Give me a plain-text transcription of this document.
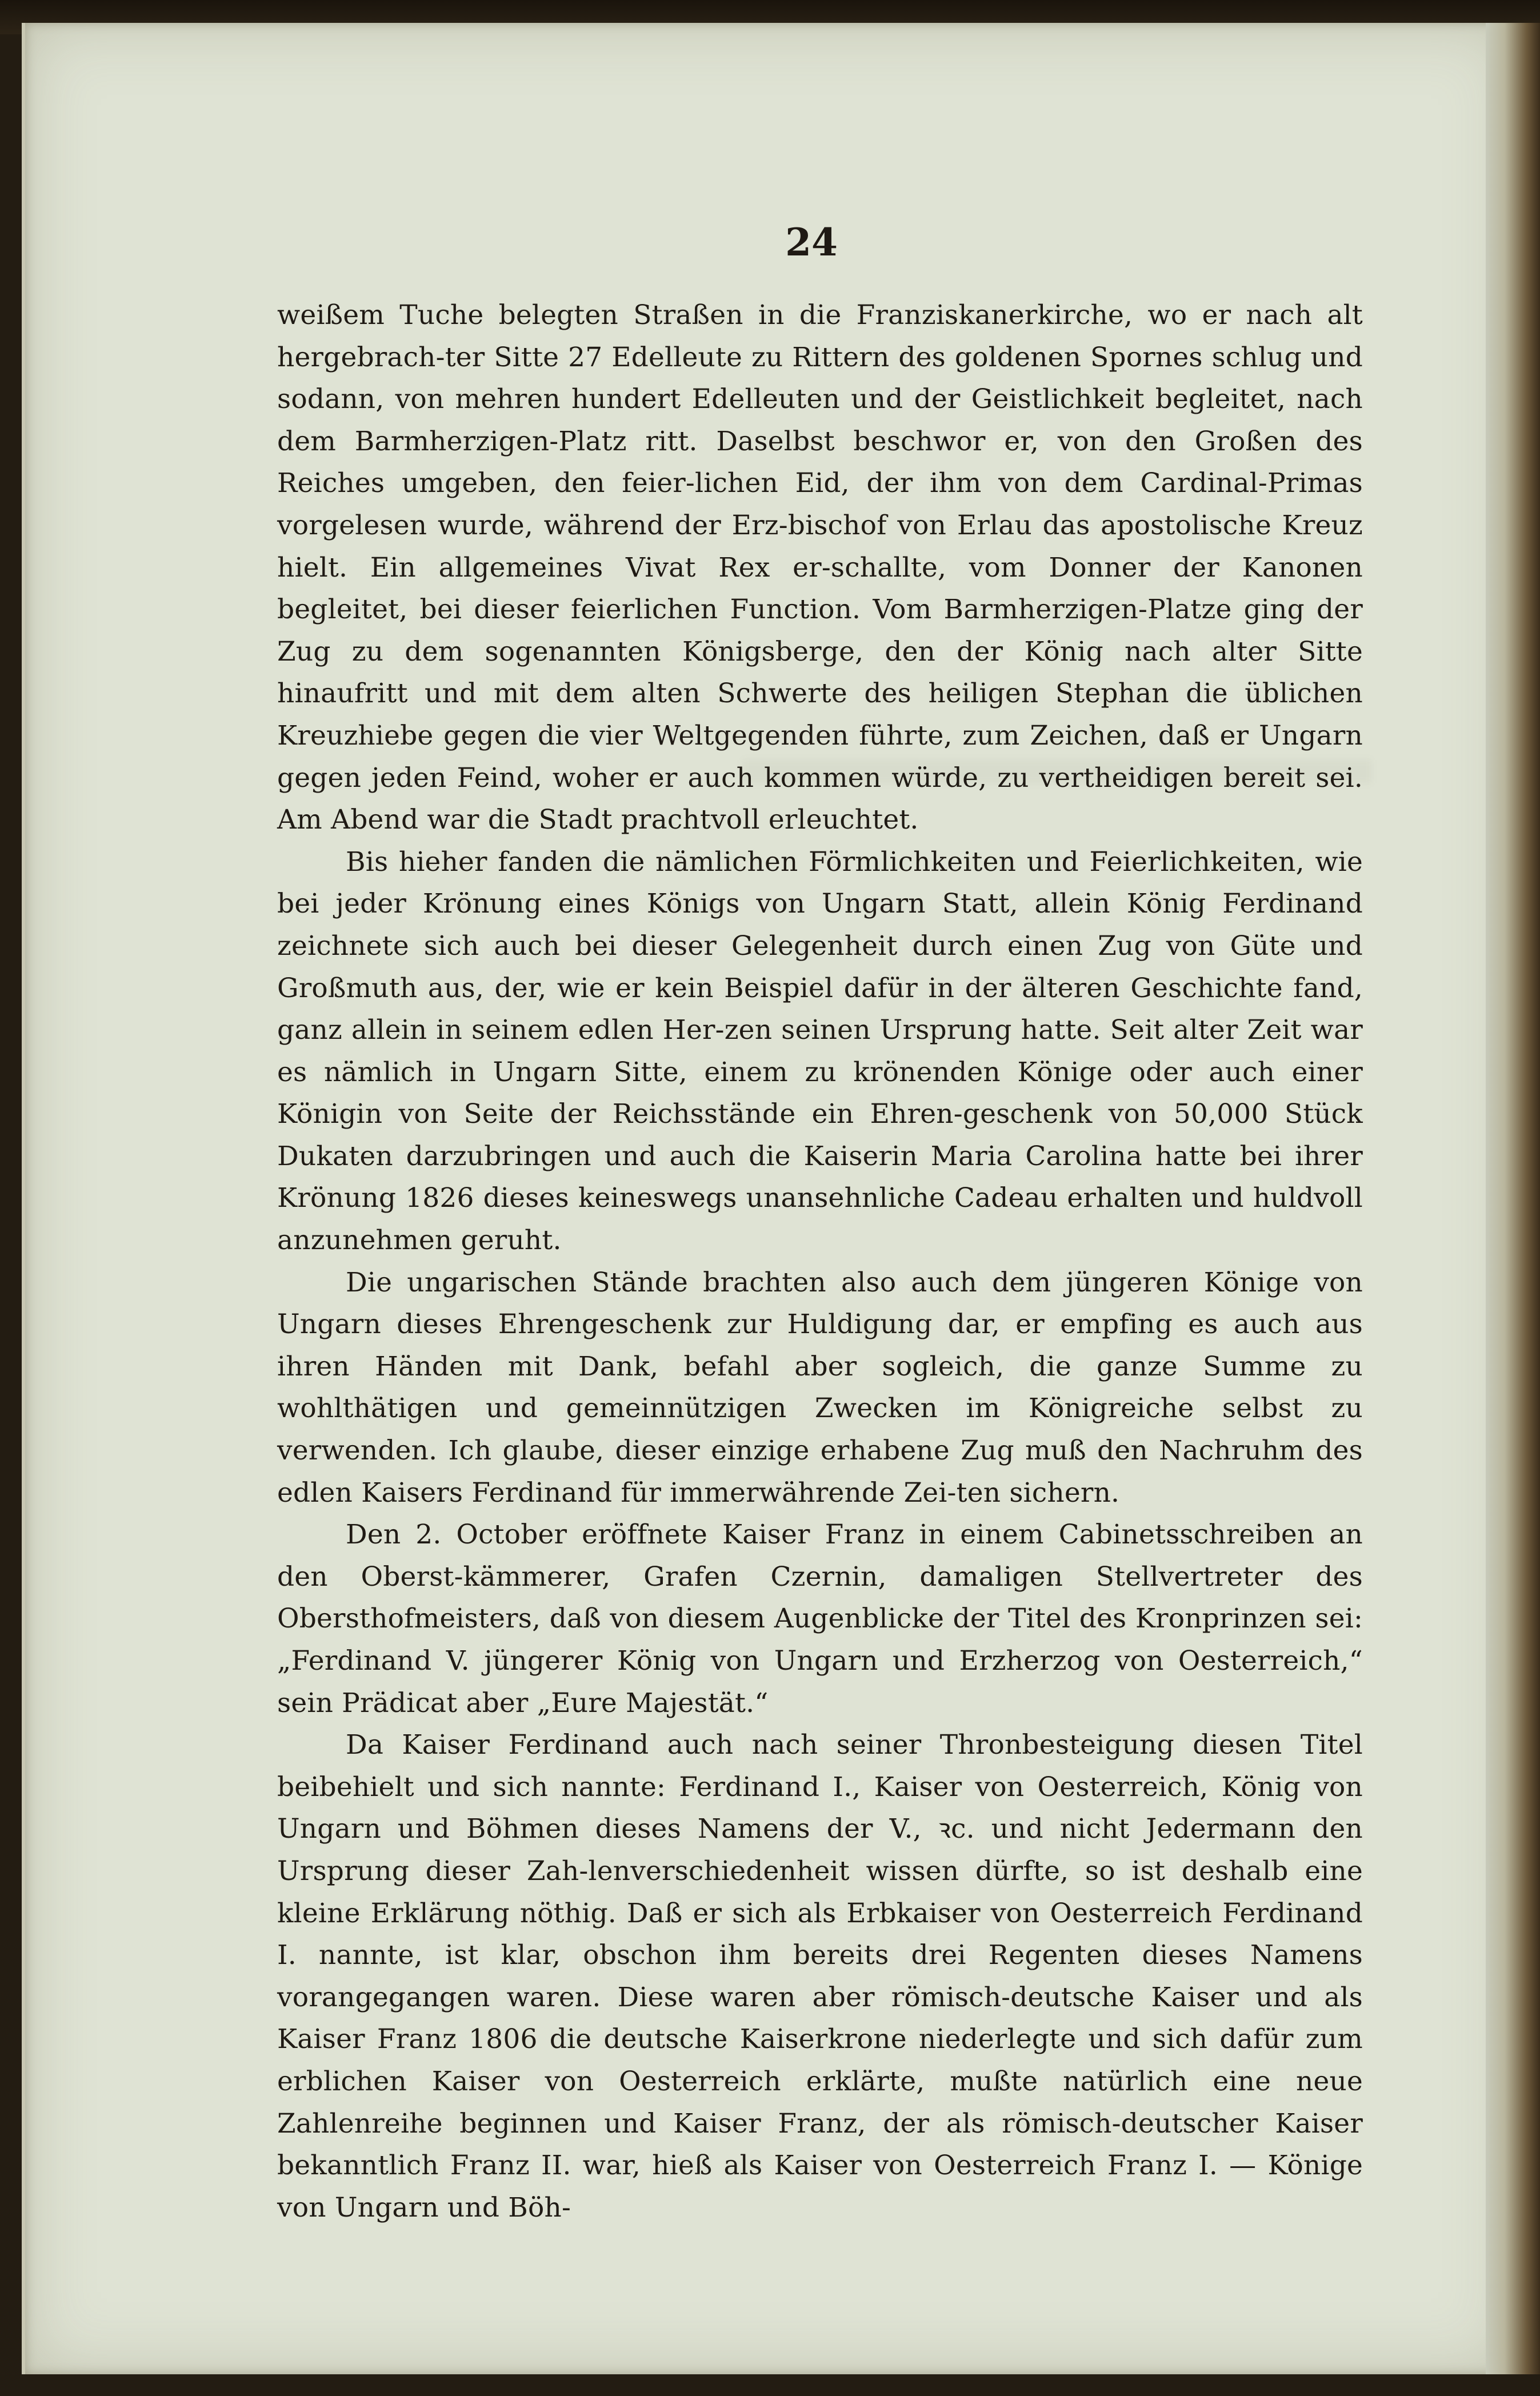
24

weißem Tuche belegten Straßen in die Franziskanerkirche, wo er nach alt hergebrach-ter Sitte 27 Edelleute zu Rittern des goldenen Spornes schlug und sodann, von mehren hundert Edelleuten und der Geistlichkeit begleitet, nach dem Barmherzigen-Platz ritt. Daselbst beschwor er, von den Großen des Reiches umgeben, den feier-lichen Eid, der ihm von dem Cardinal-Primas vorgelesen wurde, während der Erz-bischof von Erlau das apostolische Kreuz hielt. Ein allgemeines Vivat Rex er-schallte, vom Donner der Kanonen begleitet, bei dieser feierlichen Function. Vom Barmherzigen-Platze ging der Zug zu dem sogenannten Königsberge, den der König nach alter Sitte hinaufritt und mit dem alten Schwerte des heiligen Stephan die üblichen Kreuzhiebe gegen die vier Weltgegenden führte, zum Zeichen, daß er Ungarn gegen jeden Feind, woher er auch kommen würde, zu vertheidigen bereit sei. Am Abend war die Stadt prachtvoll erleuchtet.

Bis hieher fanden die nämlichen Förmlichkeiten und Feierlichkeiten, wie bei jeder Krönung eines Königs von Ungarn Statt, allein König Ferdinand zeichnete sich auch bei dieser Gelegenheit durch einen Zug von Güte und Großmuth aus, der, wie er kein Beispiel dafür in der älteren Geschichte fand, ganz allein in seinem edlen Her-zen seinen Ursprung hatte. Seit alter Zeit war es nämlich in Ungarn Sitte, einem zu krönenden Könige oder auch einer Königin von Seite der Reichsstände ein Ehren-geschenk von 50,000 Stück Dukaten darzubringen und auch die Kaiserin Maria Carolina hatte bei ihrer Krönung 1826 dieses keineswegs unansehnliche Cadeau erhalten und huldvoll anzunehmen geruht.

Die ungarischen Stände brachten also auch dem jüngeren Könige von Ungarn dieses Ehrengeschenk zur Huldigung dar, er empfing es auch aus ihren Händen mit Dank, befahl aber sogleich, die ganze Summe zu wohlthätigen und gemeinnützigen Zwecken im Königreiche selbst zu verwenden. Ich glaube, dieser einzige erhabene Zug muß den Nachruhm des edlen Kaisers Ferdinand für immerwährende Zei-ten sichern.

Den 2. October eröffnete Kaiser Franz in einem Cabinetsschreiben an den Oberst-kämmerer, Grafen Czernin, damaligen Stellvertreter des Obersthofmeisters, daß von diesem Augenblicke der Titel des Kronprinzen sei: „Ferdinand V. jüngerer König von Ungarn und Erzherzog von Oesterreich,“ sein Prädicat aber „Eure Majestät.“

Da Kaiser Ferdinand auch nach seiner Thronbesteigung diesen Titel beibehielt und sich nannte: Ferdinand I., Kaiser von Oesterreich, König von Ungarn und Böhmen dieses Namens der V., ꝛc. und nicht Jedermann den Ursprung dieser Zah-lenverschiedenheit wissen dürfte, so ist deshalb eine kleine Erklärung nöthig. Daß er sich als Erbkaiser von Oesterreich Ferdinand I. nannte, ist klar, obschon ihm bereits drei Regenten dieses Namens vorangegangen waren. Diese waren aber römisch-deutsche Kaiser und als Kaiser Franz 1806 die deutsche Kaiserkrone niederlegte und sich dafür zum erblichen Kaiser von Oesterreich erklärte, mußte natürlich eine neue Zahlenreihe beginnen und Kaiser Franz, der als römisch-deutscher Kaiser bekanntlich Franz II. war, hieß als Kaiser von Oesterreich Franz I. — Könige von Ungarn und Böh-
